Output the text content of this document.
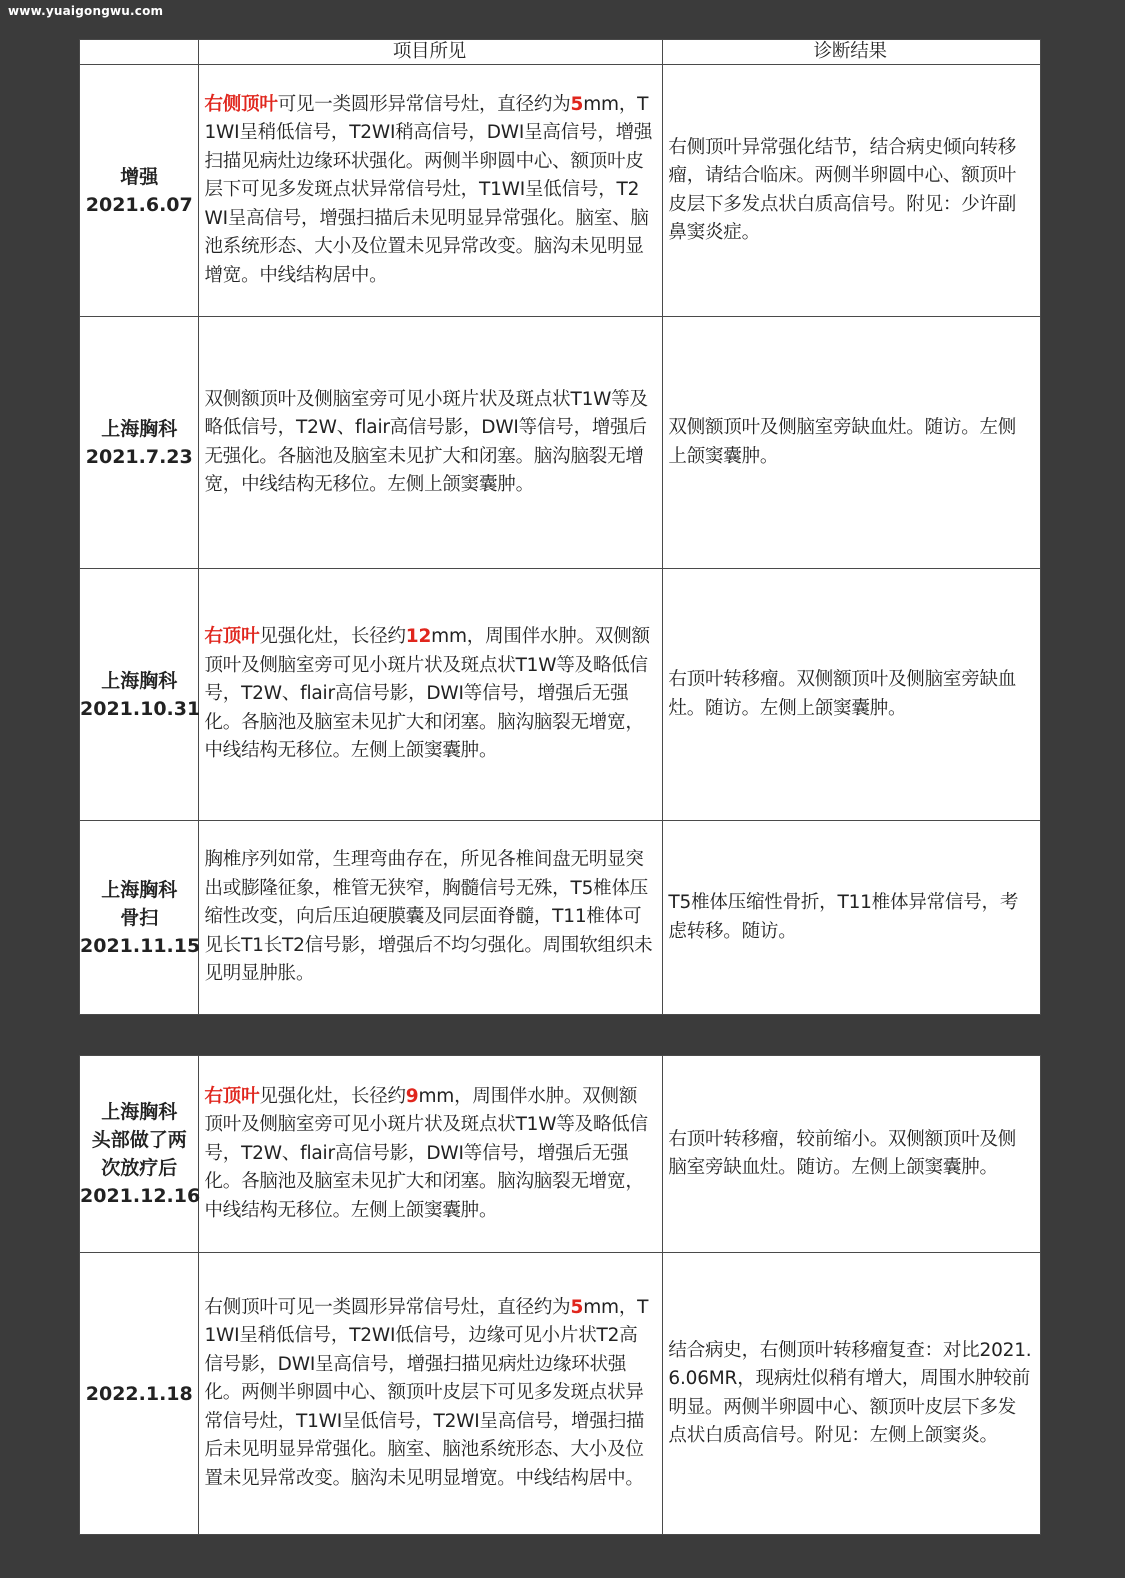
www.yuaigongwu.com
	项目所见	诊断结果

增强
2021.6.07	右侧顶叶可见一类圆形异常信号灶，直径约为5mm，T1WI呈稍低信号，T2WI稍高信号，DWI呈高信号，增强扫描见病灶边缘环状强化。两侧半卵圆中心、额顶叶皮层下可见多发斑点状异常信号灶，T1WI呈低信号，T2WI呈高信号，增强扫描后未见明显异常强化。脑室、脑池系统形态、大小及位置未见异常改变。脑沟未见明显增宽。中线结构居中。	右侧顶叶异常强化结节，结合病史倾向转移瘤，请结合临床。两侧半卵圆中心、额顶叶皮层下多发点状白质高信号。附见：少许副鼻窦炎症。

上海胸科
2021.7.23	双侧额顶叶及侧脑室旁可见小斑片状及斑点状T1W等及略低信号，T2W、flair高信号影，DWI等信号，增强后无强化。各脑池及脑室未见扩大和闭塞。脑沟脑裂无增宽，中线结构无移位。左侧上颌窦囊肿。	双侧额顶叶及侧脑室旁缺血灶。随访。左侧上颌窦囊肿。

上海胸科
2021.10.31	右顶叶见强化灶，长径约12mm，周围伴水肿。双侧额顶叶及侧脑室旁可见小斑片状及斑点状T1W等及略低信号，T2W、flair高信号影，DWI等信号，增强后无强化。各脑池及脑室未见扩大和闭塞。脑沟脑裂无增宽，中线结构无移位。左侧上颌窦囊肿。	右顶叶转移瘤。双侧额顶叶及侧脑室旁缺血灶。随访。左侧上颌窦囊肿。

上海胸科
骨扫
2021.11.15	胸椎序列如常，生理弯曲存在，所见各椎间盘无明显突出或膨隆征象，椎管无狭窄，胸髓信号无殊，T5椎体压缩性改变，向后压迫硬膜囊及同层面脊髓，T11椎体可见长T1长T2信号影，增强后不均匀强化。周围软组织未见明显肿胀。	T5椎体压缩性骨折，T11椎体异常信号，考虑转移。随访。
上海胸科
头部做了两
次放疗后
2021.12.16	右顶叶见强化灶，长径约9mm，周围伴水肿。双侧额顶叶及侧脑室旁可见小斑片状及斑点状T1W等及略低信号，T2W、flair高信号影，DWI等信号，增强后无强化。各脑池及脑室未见扩大和闭塞。脑沟脑裂无增宽，中线结构无移位。左侧上颌窦囊肿。	右顶叶转移瘤，较前缩小。双侧额顶叶及侧脑室旁缺血灶。随访。左侧上颌窦囊肿。

2022.1.18	右侧顶叶可见一类圆形异常信号灶，直径约为5mm，T1WI呈稍低信号，T2WI低信号，边缘可见小片状T2高信号影，DWI呈高信号，增强扫描见病灶边缘环状强化。两侧半卵圆中心、额顶叶皮层下可见多发斑点状异常信号灶，T1WI呈低信号，T2WI呈高信号，增强扫描后未见明显异常强化。脑室、脑池系统形态、大小及位置未见异常改变。脑沟未见明显增宽。中线结构居中。	结合病史，右侧顶叶转移瘤复查：对比2021.6.06MR，现病灶似稍有增大，周围水肿较前明显。两侧半卵圆中心、额顶叶皮层下多发点状白质高信号。附见：左侧上颌窦炎。
